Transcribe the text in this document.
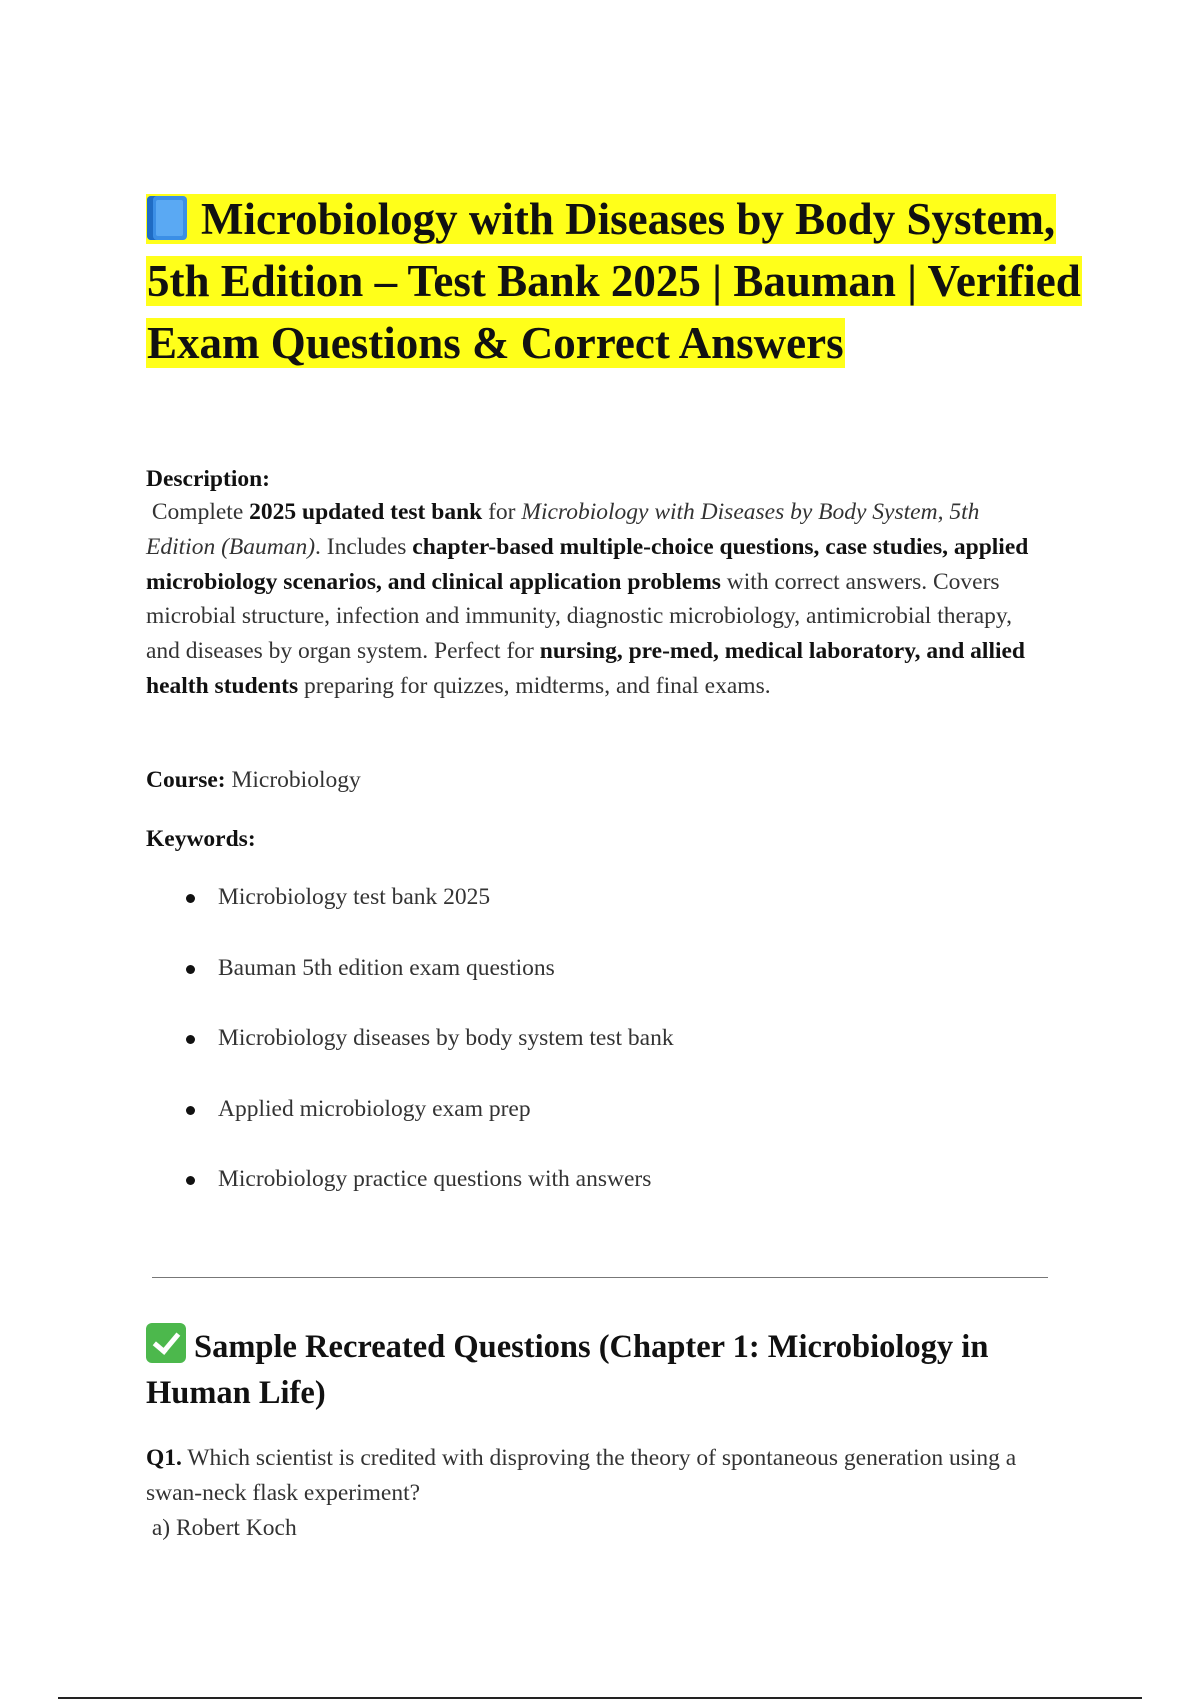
Microbiology with Diseases by Body System, 5th Edition – Test Bank 2025 | Bauman | Verified Exam Questions & Correct Answers

Description:

Complete 2025 updated test bank for Microbiology with Diseases by Body System, 5th Edition (Bauman). Includes chapter-based multiple-choice questions, case studies, applied microbiology scenarios, and clinical application problems with correct answers. Covers microbial structure, infection and immunity, diagnostic microbiology, antimicrobial therapy, and diseases by organ system. Perfect for nursing, pre-med, medical laboratory, and allied health students preparing for quizzes, midterms, and final exams.

Course: Microbiology

Keywords:

Microbiology test bank 2025
Bauman 5th edition exam questions
Microbiology diseases by body system test bank
Applied microbiology exam prep
Microbiology practice questions with answers
Sample Recreated Questions (Chapter 1: Microbiology in Human Life)

Q1. Which scientist is credited with disproving the theory of spontaneous generation using a swan-neck flask experiment?
a) Robert Koch
